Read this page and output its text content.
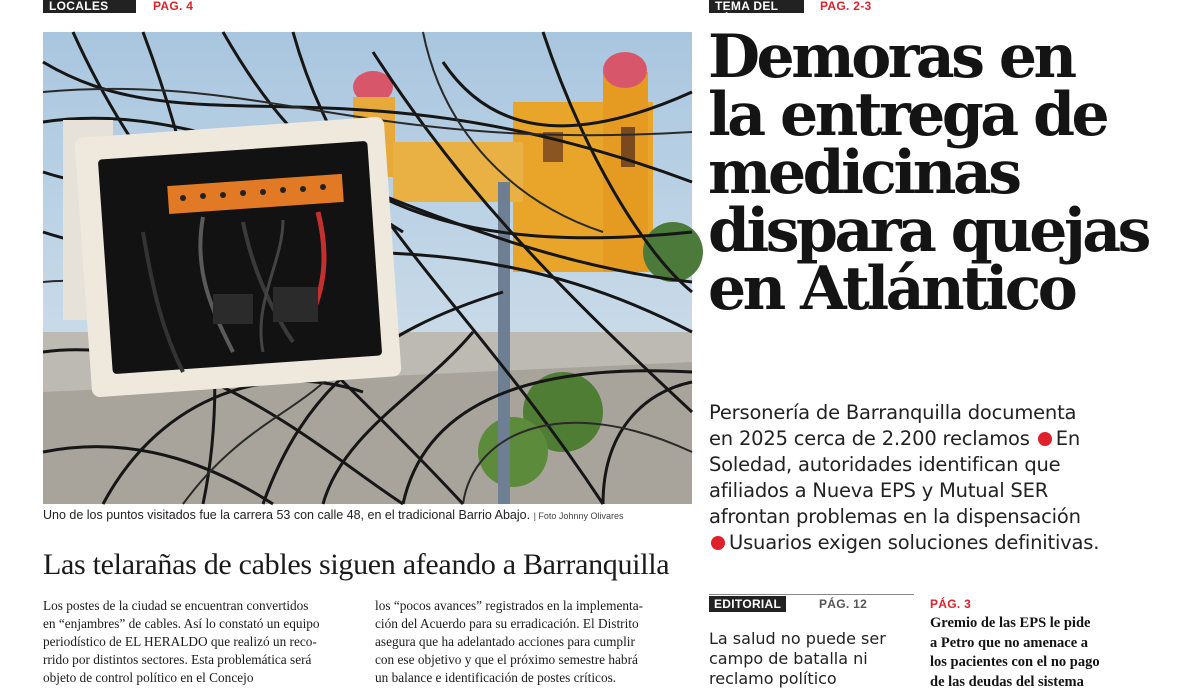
LOCALES	PAG. 4	TEMA DEL DÍA
PAG. 2-3
Uno de los puntos visitados fue la carrera 53 con calle 48, en el tradicional Barrio Abajo. | Foto Johnny Olivares
Las telarañas de cables siguen afeando a Barranquilla
Los postes de la ciudad se encuentran convertidos
en “enjambres” de cables. Así lo constató un equipo
periodístico de EL HERALDO que realizó un reco-
rrido por distintos sectores. Esta problemática será
objeto de control político en el Concejo
los “pocos avances” registrados en la implementa-
ción del Acuerdo para su erradicación. El Distrito
asegura que ha adelantado acciones para cumplir
con ese objetivo y que el próximo semestre habrá
un balance e identificación de postes críticos.
Demoras en
la entrega de
medicinas
dispara quejas
en Atlántico
Personería de Barranquilla documenta
en 2025 cerca de 2.200 reclamos En
Soledad, autoridades identifican que
afiliados a Nueva EPS y Mutual SER
afrontan problemas en la dispensación
Usuarios exigen soluciones definitivas.
EDITORIAL	PÁG. 12
La salud no puede ser
campo de batalla ni
reclamo político
PÁG. 3
Gremio de las EPS le pide
a Petro que no amenace a
los pacientes con el no pago
de las deudas del sistema
